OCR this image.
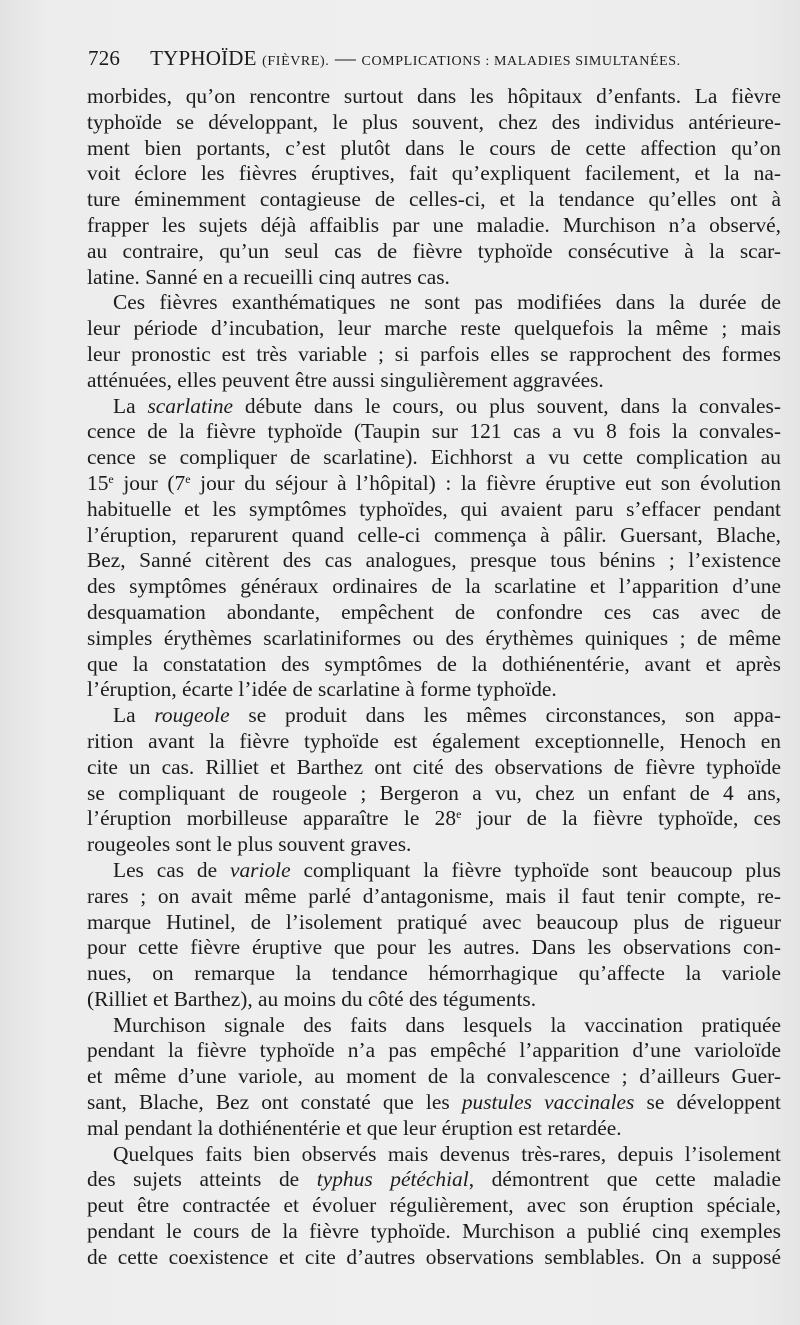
726 TYPHOÏDE (FIÈVRE). — COMPLICATIONS : MALADIES SIMULTANÉES.

morbides, qu’on rencontre surtout dans les hôpitaux d’enfants. La fièvre

typhoïde se développant, le plus souvent, chez des individus antérieure-

ment bien portants, c’est plutôt dans le cours de cette affection qu’on

voit éclore les fièvres éruptives, fait qu’expliquent facilement, et la na-

ture éminemment contagieuse de celles-ci, et la tendance qu’elles ont à

frapper les sujets déjà affaiblis par une maladie. Murchison n’a observé,

au contraire, qu’un seul cas de fièvre typhoïde consécutive à la scar-

latine. Sanné en a recueilli cinq autres cas.

Ces fièvres exanthématiques ne sont pas modifiées dans la durée de

leur période d’incubation, leur marche reste quelquefois la même ; mais

leur pronostic est très variable ; si parfois elles se rapprochent des formes

atténuées, elles peuvent être aussi singulièrement aggravées.

La scarlatine débute dans le cours, ou plus souvent, dans la convales-

cence de la fièvre typhoïde (Taupin sur 121 cas a vu 8 fois la convales-

cence se compliquer de scarlatine). Eichhorst a vu cette complication au

15e jour (7e jour du séjour à l’hôpital) : la fièvre éruptive eut son évolution

habituelle et les symptômes typhoïdes, qui avaient paru s’effacer pendant

l’éruption, reparurent quand celle-ci commença à pâlir. Guersant, Blache,

Bez, Sanné citèrent des cas analogues, presque tous bénins ; l’existence

des symptômes généraux ordinaires de la scarlatine et l’apparition d’une

desquamation abondante, empêchent de confondre ces cas avec de

simples érythèmes scarlatiniformes ou des érythèmes quiniques ; de même

que la constatation des symptômes de la dothiénentérie, avant et après

l’éruption, écarte l’idée de scarlatine à forme typhoïde.

La rougeole se produit dans les mêmes circonstances, son appa-

rition avant la fièvre typhoïde est également exceptionnelle, Henoch en

cite un cas. Rilliet et Barthez ont cité des observations de fièvre typhoïde

se compliquant de rougeole ; Bergeron a vu, chez un enfant de 4 ans,

l’éruption morbilleuse apparaître le 28e jour de la fièvre typhoïde, ces

rougeoles sont le plus souvent graves.

Les cas de variole compliquant la fièvre typhoïde sont beaucoup plus

rares ; on avait même parlé d’antagonisme, mais il faut tenir compte, re-

marque Hutinel, de l’isolement pratiqué avec beaucoup plus de rigueur

pour cette fièvre éruptive que pour les autres. Dans les observations con-

nues, on remarque la tendance hémorrhagique qu’affecte la variole

(Rilliet et Barthez), au moins du côté des téguments.

Murchison signale des faits dans lesquels la vaccination pratiquée

pendant la fièvre typhoïde n’a pas empêché l’apparition d’une varioloïde

et même d’une variole, au moment de la convalescence ; d’ailleurs Guer-

sant, Blache, Bez ont constaté que les pustules vaccinales se développent

mal pendant la dothiénentérie et que leur éruption est retardée.

Quelques faits bien observés mais devenus très-rares, depuis l’isolement

des sujets atteints de typhus pétéchial, démontrent que cette maladie

peut être contractée et évoluer régulièrement, avec son éruption spéciale,

pendant le cours de la fièvre typhoïde. Murchison a publié cinq exemples

de cette coexistence et cite d’autres observations semblables. On a supposé
